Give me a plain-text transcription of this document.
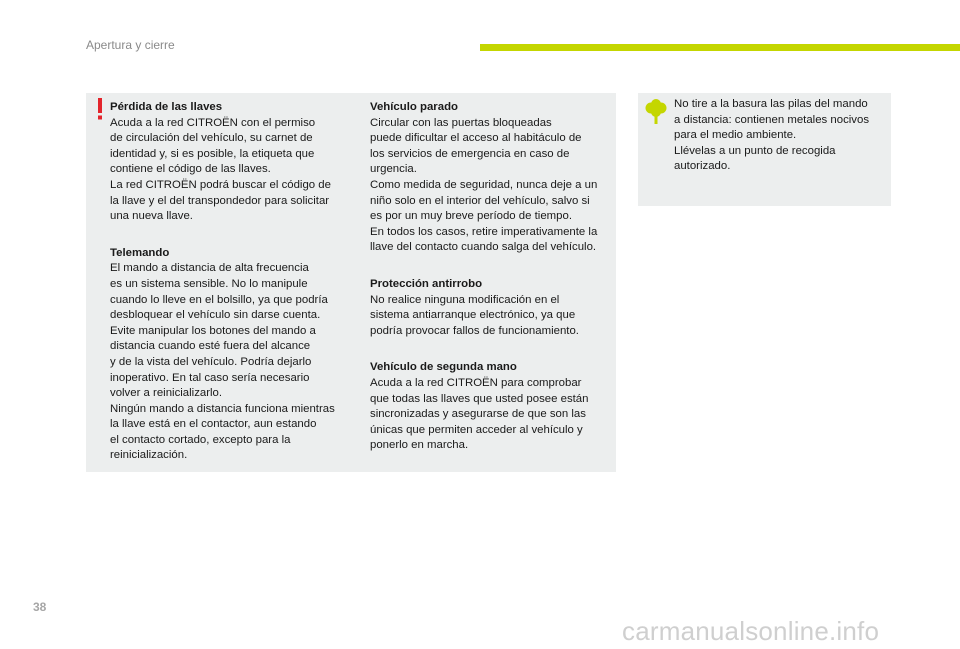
Apertura y cierre
Pérdida de las llaves
Acuda a la red CITROËN con el permiso
de circulación del vehículo, su carnet de
identidad y, si es posible, la etiqueta que
contiene el código de las llaves.
La red CITROËN podrá buscar el código de
la llave y el del transpondedor para solicitar
una nueva llave.
Telemando
El mando a distancia de alta frecuencia
es un sistema sensible. No lo manipule
cuando lo lleve en el bolsillo, ya que podría
desbloquear el vehículo sin darse cuenta.
Evite manipular los botones del mando a
distancia cuando esté fuera del alcance
y de la vista del vehículo. Podría dejarlo
inoperativo. En tal caso sería necesario
volver a reinicializarlo.
Ningún mando a distancia funciona mientras
la llave está en el contactor, aun estando
el contacto cortado, excepto para la
reinicialización.
Vehículo parado
Circular con las puertas bloqueadas
puede dificultar el acceso al habitáculo de
los servicios de emergencia en caso de
urgencia.
Como medida de seguridad, nunca deje a un
niño solo en el interior del vehículo, salvo si
es por un muy breve período de tiempo.
En todos los casos, retire imperativamente la
llave del contacto cuando salga del vehículo.
Protección antirrobo
No realice ninguna modificación en el
sistema antiarranque electrónico, ya que
podría provocar fallos de funcionamiento.
Vehículo de segunda mano
Acuda a la red CITROËN para comprobar
que todas las llaves que usted posee están
sincronizadas y asegurarse de que son las
únicas que permiten acceder al vehículo y
ponerlo en marcha.
No tire a la basura las pilas del mando
a distancia: contienen metales nocivos
para el medio ambiente.
Llévelas a un punto de recogida
autorizado.
38
carmanualsonline.info
